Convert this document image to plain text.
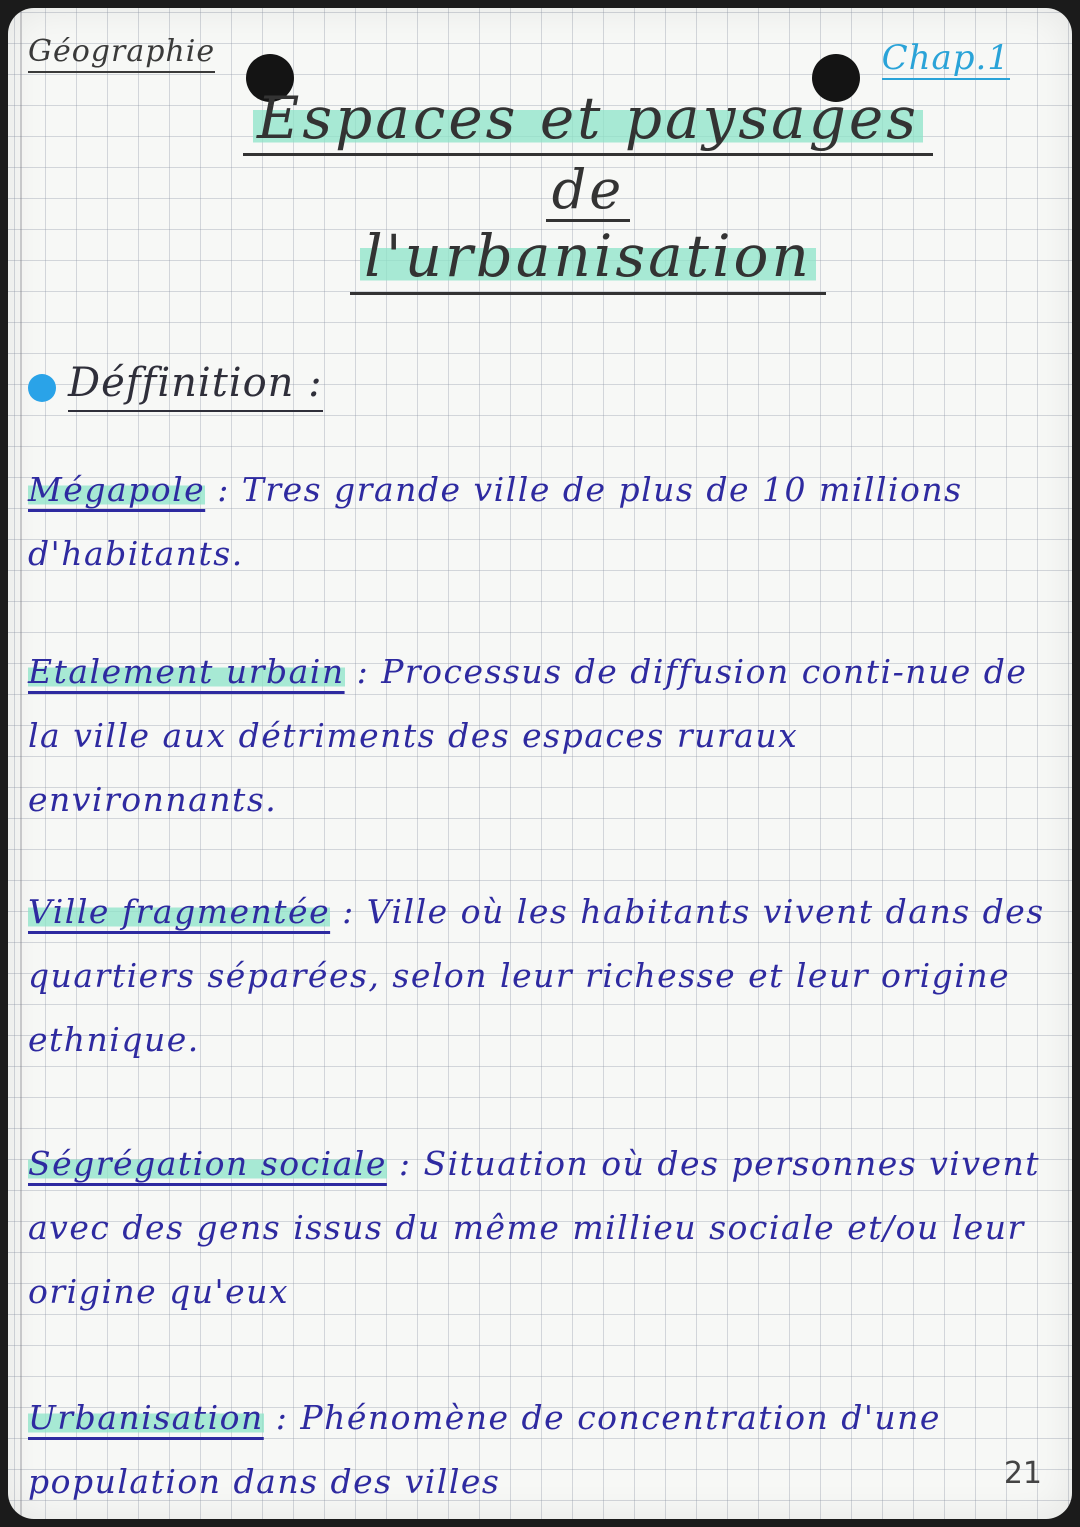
Géographie	Chap.1
Espaces et paysages
de
l'urbanisation
Déffinition :
Mégapole : Tres grande ville de plus de 10 millions d'habitants.
Etalement urbain : Processus de diffusion conti-nue de la ville aux détriments des espaces ruraux environnants.
Ville fragmentée : Ville où les habitants vivent dans des quartiers séparées, selon leur richesse et leur origine ethnique.
Ségrégation sociale : Situation où des personnes vivent avec des gens issus du même millieu sociale et/ou leur origine qu'eux
Urbanisation : Phénomène de concentration d'une population dans des villes	21
